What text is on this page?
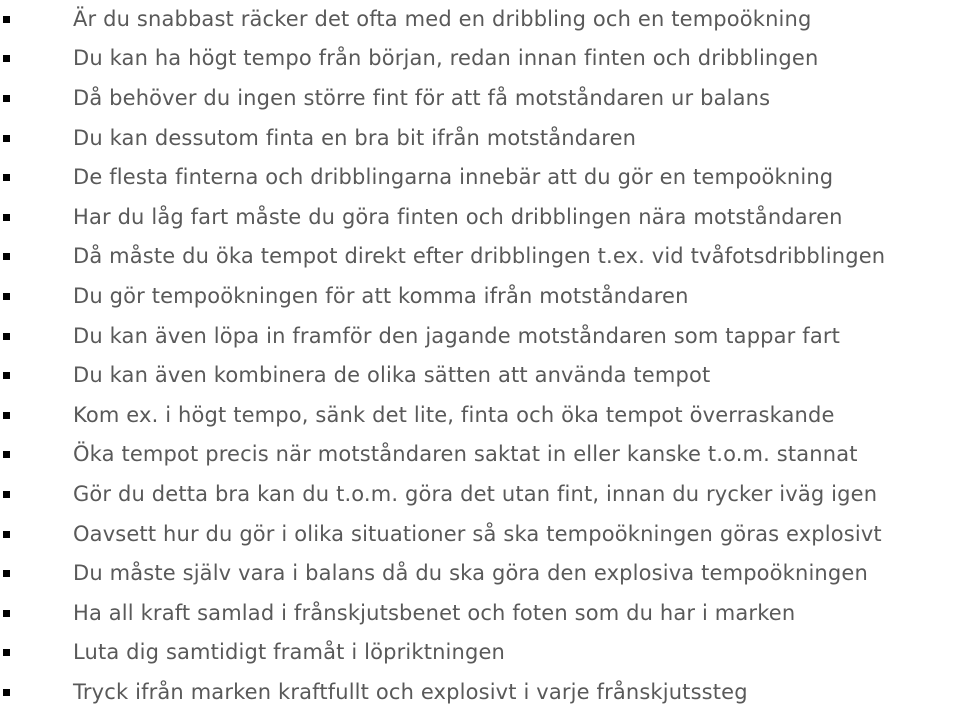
Är du snabbast räcker det ofta med en dribbling och en tempoökning
Du kan ha högt tempo från början, redan innan finten och dribblingen
Då behöver du ingen större fint för att få motståndaren ur balans
Du kan dessutom finta en bra bit ifrån motståndaren
De flesta finterna och dribblingarna innebär att du gör en tempoökning
Har du låg fart måste du göra finten och dribblingen nära motståndaren
Då måste du öka tempot direkt efter dribblingen t.ex. vid tvåfotsdribblingen
Du gör tempoökningen för att komma ifrån motståndaren
Du kan även löpa in framför den jagande motståndaren som tappar fart
Du kan även kombinera de olika sätten att använda tempot
Kom ex. i högt tempo, sänk det lite, finta och öka tempot överraskande
Öka tempot precis när motståndaren saktat in eller kanske t.o.m. stannat
Gör du detta bra kan du t.o.m. göra det utan fint, innan du rycker iväg igen
Oavsett hur du gör i olika situationer så ska tempoökningen göras explosivt
Du måste själv vara i balans då du ska göra den explosiva tempoökningen
Ha all kraft samlad i frånskjutsbenet och foten som du har i marken
Luta dig samtidigt framåt i löpriktningen
Tryck ifrån marken kraftfullt och explosivt i varje frånskjutssteg
